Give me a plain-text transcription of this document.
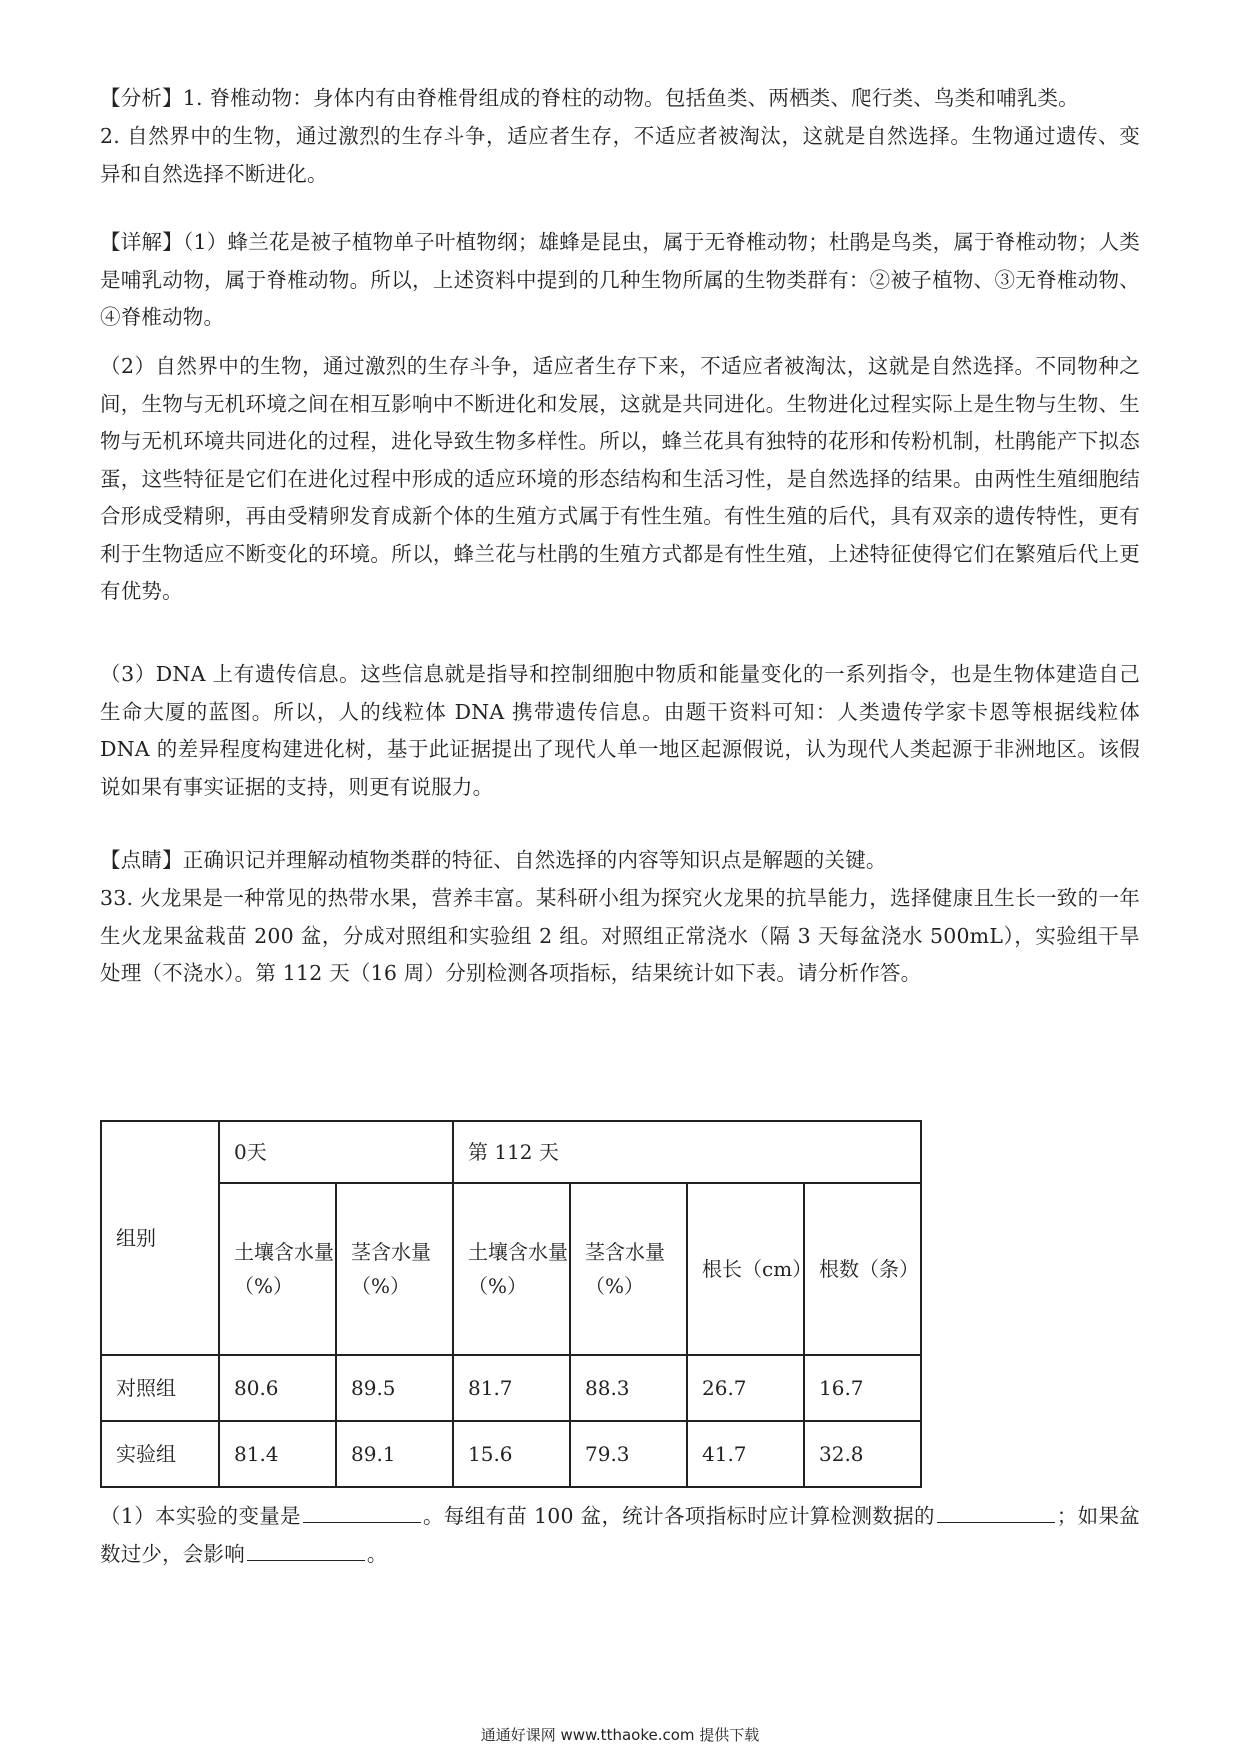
【分析】1. 脊椎动物：身体内有由脊椎骨组成的脊柱的动物。包括鱼类、两栖类、爬行类、鸟类和哺乳类。

2. 自然界中的生物，通过激烈的生存斗争，适应者生存，不适应者被淘汰，这就是自然选择。生物通过遗传、变异和自然选择不断进化。

【详解】（1）蜂兰花是被子植物单子叶植物纲；雄蜂是昆虫，属于无脊椎动物；杜鹃是鸟类，属于脊椎动物；人类是哺乳动物，属于脊椎动物。所以，上述资料中提到的几种生物所属的生物类群有：②被子植物、③无脊椎动物、④脊椎动物。

（2）自然界中的生物，通过激烈的生存斗争，适应者生存下来，不适应者被淘汰，这就是自然选择。不同物种之间，生物与无机环境之间在相互影响中不断进化和发展，这就是共同进化。生物进化过程实际上是生物与生物、生物与无机环境共同进化的过程，进化导致生物多样性。所以，蜂兰花具有独特的花形和传粉机制，杜鹃能产下拟态蛋，这些特征是它们在进化过程中形成的适应环境的形态结构和生活习性，是自然选择的结果。由两性生殖细胞结合形成受精卵，再由受精卵发育成新个体的生殖方式属于有性生殖。有性生殖的后代，具有双亲的遗传特性，更有利于生物适应不断变化的环境。所以，蜂兰花与杜鹃的生殖方式都是有性生殖，上述特征使得它们在繁殖后代上更有优势。

（3）DNA 上有遗传信息。这些信息就是指导和控制细胞中物质和能量变化的一系列指令，也是生物体建造自己生命大厦的蓝图。所以，人的线粒体 DNA 携带遗传信息。由题干资料可知：人类遗传学家卡恩等根据线粒体 DNA 的差异程度构建进化树，基于此证据提出了现代人单一地区起源假说，认为现代人类起源于非洲地区。该假说如果有事实证据的支持，则更有说服力。

【点睛】正确识记并理解动植物类群的特征、自然选择的内容等知识点是解题的关键。

33. 火龙果是一种常见的热带水果，营养丰富。某科研小组为探究火龙果的抗旱能力，选择健康且生长一致的一年生火龙果盆栽苗 200 盆，分成对照组和实验组 2 组。对照组正常浇水（隔 3 天每盆浇水 500mL），实验组干旱处理（不浇水）。第 112 天（16 周）分别检测各项指标，结果统计如下表。请分析作答。

组别	0天		第 112 天			
	土壤含水量（%）	茎含水量（%）	土壤含水量（%）	茎含水量（%）	根长（cm）	根数（条）
对照组	80.6	89.5	81.7	88.3	26.7	16.7
实验组	81.4	89.1	15.6	79.3	41.7	32.8

（1）本实验的变量是	。每组有苗 100 盆，统计各项指标时应计算检测数据的	；如果盆数过少，会影响	。

通通好课网 www.tthaoke.com 提供下载
